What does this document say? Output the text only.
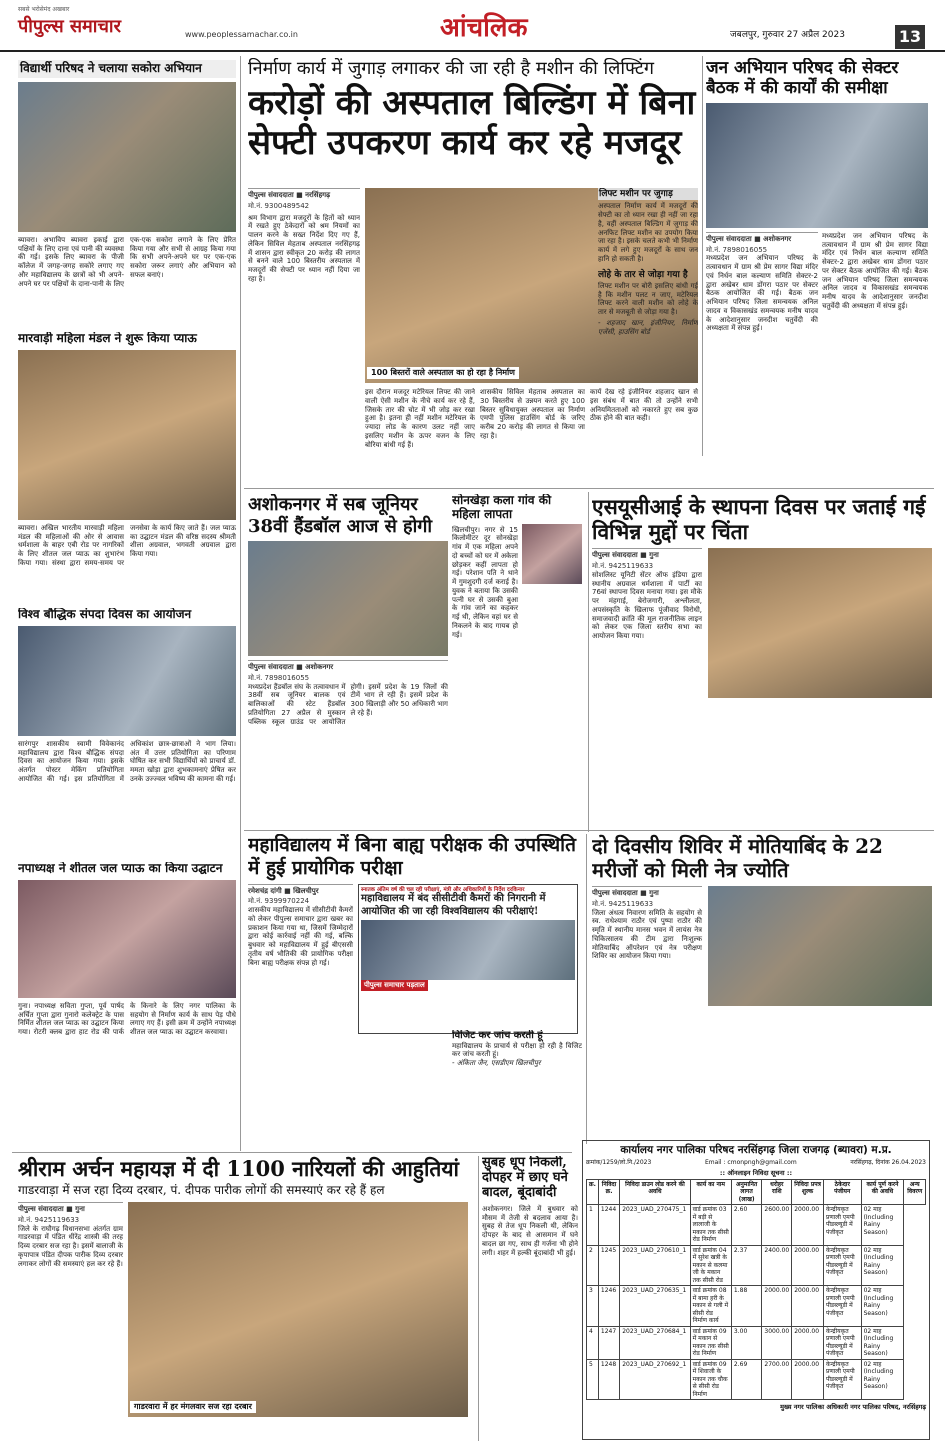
सबसे भरोसेमंद अखबार
पीपुल्स समाचार	www.peoplessamachar.co.in	आंचलिक	जबलपुर, गुरुवार 27 अप्रैल 2023	13
विद्यार्थी परिषद ने चलाया सकोरा अभियान
ब्यावरा। अभाविप ब्यावरा इकाई द्वारा पक्षियों के लिए दाना एवं पानी की व्यवस्था की गई। इसके लिए ब्यावरा के पीजी कॉलेज में जगह-जगह सकोरे लगाए गए और महाविद्यालय के छात्रों को भी अपने-अपने घर पर पक्षियों के दाना-पानी के लिए एक-एक सकोरा लगाने के लिए प्रेरित किया गया और सभी से आग्रह किया गया कि सभी अपने-अपने घर पर एक-एक सकोरा जरूर लगाएं और अभियान को सफल बनाएं।
मारवाड़ी महिला मंडल ने शुरू किया प्याऊ
ब्यावरा। अखिल भारतीय मारवाड़ी महिला मंडल की महिलाओं की ओर से आवास धर्मशाला के बाहर एबी रोड पर नागरिकों के लिए शीतल जल प्याऊ का शुभारंभ किया गया। संस्था द्वारा समय-समय पर जनसेवा के कार्य किए जाते हैं। जल प्याऊ का उद्घाटन मंडल की वरिष्ठ सदस्य श्रीमती शीला अग्रवाल, भगवती अग्रवाल द्वारा किया गया।
विश्व बौद्धिक संपदा दिवस का आयोजन
सारंगपुर शासकीय स्वामी विवेकानंद महाविद्यालय द्वारा विश्व बौद्धिक संपदा दिवस का आयोजन किया गया। इसके अंतर्गत पोस्टर मेकिंग प्रतियोगिता आयोजित की गई। इस प्रतियोगिता में अधिकांश छात्र-छात्राओं ने भाग लिया। अंत में उत्तर प्रतियोगिता का परिणाम घोषित कर सभी विद्यार्थियों को प्राचार्य डॉ. ममता खोड़ा द्वारा शुभकामनाएं प्रेषित कर उनके उज्ज्वल भविष्य की कामना की गई।
नपाध्यक्ष ने शीतल जल प्याऊ का किया उद्घाटन
गुना। नपाध्यक्ष सविता गुप्ता, पूर्व पार्षद अर्चित गुप्ता द्वारा गुनारो कलेक्ट्रेट के पास निर्मित शीतल जल प्याऊ का उद्घाटन किया गया। रोटरी क्लब द्वारा हाट रोड की पार्क के किनारे के लिए नगर पालिका के सहयोग से निर्माण कार्य के साथ पेड़ पौधे लगाए गए हैं। इसी क्रम में उन्होंने नपाध्यक्ष शीतल जल प्याऊ का उद्घाटन करवाया।
निर्माण कार्य में जुगाड़ लगाकर की जा रही है मशीन की लिफ्टिंग
करोड़ों की अस्पताल बिल्डिंग में बिना सेफ्टी उपकरण कार्य कर रहे मजदूर
पीपुल्स संवाददाता ■ नरसिंहगढ़
मो.नं. 9300489542
श्रम विभाग द्वारा मजदूरों के हितों को ध्यान में रखते हुए ठेकेदारों को श्रम नियमों का पालन करने के सख्त निर्देश दिए गए हैं, लेकिन सिविल मेहताब अस्पताल नरसिंहगढ़ में शासन द्वारा स्वीकृत 20 करोड़ की लागत से बनने वाले 100 बिस्तरीय अस्पताल में मजदूरों की सेफ्टी पर ध्यान नहीं दिया जा रहा है।
100 बिस्तरों वाले अस्पताल का हो रहा है निर्माण
इस दौरान मजदूर मटेरियल लिफ्ट की जाने वाली ऐसी मशीन के नीचे कार्य कर रहे हैं, जिसके तार की चोट में भी जोड़ कर रखा हुआ है। इतना ही नहीं मशीन मटेरियल के ज्यादा लोड के कारण उलट नहीं जाए इसलिए मशीन के ऊपर वजन के लिए बोरिया बांधी गई हैं।
शासकीय सिविल मेहताब अस्पताल का 30 बिस्तरीय से उन्नयन करते हुए 100 बिस्तर सुविधायुक्त अस्पताल का निर्माण एमपी पुलिस हाउसिंग बोर्ड के जरिए करीब 20 करोड़ की लागत से किया जा रहा है।
कार्य देख रहे इंजीनियर शहजाद खान से इस संबंध में बात की तो उन्होंने सभी अनियमितताओं को नकारते हुए सब कुछ ठीक होने की बात कही।
लिफ्ट मशीन पर जुगाड़
अस्पताल निर्माण कार्य में मजदूरों की सेफ्टी का तो ध्यान रखा ही नहीं जा रहा है, वहीं अस्पताल बिल्डिंग में जुगाड़ की अनफिट लिफ्ट मशीन का उपयोग किया जा रहा है। इसके चलते कभी भी निर्माण कार्य में लगे हुए मजदूरों के साथ जन हानि हो सकती है।
लोहे के तार से जोड़ा गया है
लिफ्ट मशीन पर बोरी इसलिए बांधी गई है कि मशीन पलट न जाए, मटेरियल लिफ्ट करने वाली मशीन को लोहे के तार से मजबूती से जोड़ा गया है।
- शहजाद खान, इंजीनियर, निर्माण एजेंसी, हाउसिंग बोर्ड
जन अभियान परिषद की सेक्टर बैठक में की कार्यों की समीक्षा
पीपुल्स संवाददाता ■ अशोकनगर
मो.नं. 7898016055
मध्यप्रदेश जन अभियान परिषद के तत्वावधान में ग्राम श्री प्रेम सागर विद्या मंदिर एवं निर्धन बाल कल्याण समिति सेक्टर-2 द्वारा अखेबर धाम डोंगरा पठार पर सेक्टर बैठक आयोजित की गई। बैठक जन अभियान परिषद जिला समन्वयक अनिल जादव व विकासखंड समन्वयक मनीष यादव के आदेशानुसार जनदीश चतुर्वेदी की अध्यक्षता में संपन्न हुई।
मध्यप्रदेश जन अभियान परिषद के तत्वावधान में ग्राम श्री प्रेम सागर विद्या मंदिर एवं निर्धन बाल कल्याण समिति सेक्टर-2 द्वारा अखेबर धाम डोंगरा पठार पर सेक्टर बैठक आयोजित की गई। बैठक जन अभियान परिषद जिला समन्वयक अनिल जादव व विकासखंड समन्वयक मनीष यादव के आदेशानुसार जनदीश चतुर्वेदी की अध्यक्षता में संपन्न हुई।
अशोकनगर में सब जूनियर 38वीं हैंडबॉल आज से होगी
पीपुल्स संवाददाता ■ अशोकनगर
मो.नं. 7898016055
मध्यप्रदेश हैंडबॉल संघ के तत्वावधान में 38वीं सब जूनियर बालक एवं बालिकाओं की स्टेट हैंडबॉल प्रतियोगिता 27 अप्रैल से मुस्कान पब्लिक स्कूल ग्राउंड पर आयोजित होगी। इसमें प्रदेश के 19 जिलों की टीमें भाग ले रही हैं। इसमें प्रदेश के 300 खिलाड़ी और 50 अधिकारी भाग ले रहे हैं।
सोनखेड़ा कला गांव की महिला लापता
खिलचीपुर। नगर से 15 किलोमीटर दूर सोनखेड़ा गांव में एक महिला अपने दो बच्चों को घर में अकेला छोड़कर कहीं लापता हो गई। परेशान पति ने थाने में गुमशुदगी दर्ज कराई है। युवक ने बताया कि उसकी पत्नी घर से उसकी बुआ के गांव जाने का कहकर गई थी, लेकिन वहां घर से निकलने के बाद गायब हो गई।
एसयूसीआई के स्थापना दिवस पर जताई गई विभिन्न मुद्दों पर चिंता
पीपुल्स संवाददाता ■ गुना
मो.नं. 9425119633
सोशलिस्ट यूनिटी सेंटर ऑफ इंडिया द्वारा स्थानीय अग्रवाल धर्मशाला में पार्टी का 76वां स्थापना दिवस मनाया गया। इस मौके पर मंहगाई, बेरोजगारी, अश्लीलता, अपसंस्कृति के खिलाफ पूंजीवाद विरोधी, समाजवादी क्रांति की मूल राजनीतिक लाइन को लेकर एक जिला स्तरीय सभा का आयोजन किया गया।
महाविद्यालय में बिना बाह्य परीक्षक की उपस्थिति में हुई प्रायोगिक परीक्षा
रमेशचंद्र दांगी ■ खिलचीपुर
मो.नं. 9399970224
शासकीय महाविद्यालय में सीसीटीवी कैमरों को लेकर पीपुल्स समाचार द्वारा खबर का प्रकाशन किया गया था, जिसमें जिम्मेदारों द्वारा कोई कार्रवाई नहीं की गई, बल्कि बुधवार को महाविद्यालय में हुई बीएससी तृतीय वर्ष भौतिकी की प्रायोगिक परीक्षा बिना बाह्य परीक्षक संपन्न हो गई।
स्नातक अंतिम वर्ष की चल रही परीक्षाएं, मंत्री और अधिकारियों के निर्देश दरकिनार
महाविद्यालय में बंद सीसीटीवी कैमरों की निगरानी में आयोजित की जा रही विश्वविद्यालय की परीक्षाएं!
पीपुल्स समाचार पड़ताल
विजिट कर जांच करती हूं
महाविद्यालय के प्राचार्य से परीक्षा हो रही है विजिट कर जांच करती हूं।
- अंकिता जैन, एसडीएम खिलचीपुर
दो दिवसीय शिविर में मोतियाबिंद के 22 मरीजों को मिली नेत्र ज्योति
पीपुल्स संवाददाता ■ गुना
मो.नं. 9425119633
जिला अंधत्व निवारण समिति के सहयोग से स्व. राधेश्याम राठौर एवं पुष्पा राठौर की स्मृति में स्थानीय मानस भवन में लायंस नेत्र चिकित्सालय की टीम द्वारा निःशुल्क मोतियाबिंद ऑपरेशन एवं नेत्र परीक्षण शिविर का आयोजन किया गया।
श्रीराम अर्चन महायज्ञ में दी 1100 नारियलों की आहुतियां
गाडरवाड़ा में सज रहा दिव्य दरबार, पं. दीपक पारीक लोगों की समस्याएं कर रहे हैं हल
पीपुल्स संवाददाता ■ गुना
मो.नं. 9425119633
जिले के राघौगढ़ विधानसभा अंतर्गत ग्राम गाडरवाड़ा में पंडित धीरेंद्र शास्त्री की तरह दिव्य दरबार सज रहा है। इसमें बालाजी के कृपापात्र पंडित दीपक पारीक दिव्य दरबार लगाकर लोगों की समस्याएं हल कर रहे हैं।
गाडरवारा में हर मंगलवार सज रहा दरबार
सुबह धूप निकली, दोपहर में छाए घने बादल, बूंदाबांदी
अशोकनगर। जिले में बुधवार को मौसम में तेजी से बदलाव आया है। सुबह से तेज धूप निकली थी, लेकिन दोपहर के बाद से आसमान में घने बादल छा गए, साथ ही गर्जना भी होने लगी। शहर में हल्की बूंदाबांदी भी हुई।
कार्यालय नगर पालिका परिषद नरसिंहगढ़ जिला राजगढ़ (ब्यावरा) म.प्र.
क्रमांक/1259/लो.नि./2023	Email : cmonpngh@gmail.com	नरसिंहगढ़, दिनांक 26.04.2023
:: ऑनलाइन निविदा सूचना ::
क्र.	निविदा क्र.	निविदा डाउन लोड करने की अवधि	कार्य का नाम	अनुमानित लागत (लाख)	धरोहर राशि	निविदा प्रपत्र शुल्क	ठेकेदार पंजीयन	कार्य पूर्ण करने की अवधि	अन्य विवरण
1	1244	2023_UAD_270475_1	वार्ड क्रमांक 03 में बड़ी से लालाजी के मकान तक सीसी रोड निर्माण	2.60	2600.00	2000.00	केन्द्रीयकृत प्रणाली एमपी पीडब्ल्यूडी में पंजीकृत	02 माह (Including Rainy Season)	
2	1245	2023_UAD_270610_1	वार्ड क्रमांक 04 में सुरेश खत्री के मकान से कलमा जी के मकान तक सीसी रोड	2.37	2400.00	2000.00	केन्द्रीयकृत प्रणाली एमपी पीडब्ल्यूडी में पंजीकृत	02 माह (Including Rainy Season)	
3	1246	2023_UAD_270635_1	वार्ड क्रमांक 08 में बामा हरी के मकान से गली में सीसी रोड निर्माण कार्य	1.88	2000.00	2000.00	केन्द्रीयकृत प्रणाली एमपी पीडब्ल्यूडी में पंजीकृत	02 माह (Including Rainy Season)	
4	1247	2023_UAD_270684_1	वार्ड क्रमांक 09 में मकान से मकान तक सीसी रोड निर्माण	3.00	3000.00	2000.00	केन्द्रीयकृत प्रणाली एमपी पीडब्ल्यूडी में पंजीकृत	02 माह (Including Rainy Season)	
5	1248	2023_UAD_270692_1	वार्ड क्रमांक 09 में शिवाजी के मकान तक चौक से सीसी रोड निर्माण	2.69	2700.00	2000.00	केन्द्रीयकृत प्रणाली एमपी पीडब्ल्यूडी में पंजीकृत	02 माह (Including Rainy Season)	
मुख्य नगर पालिका अधिकारी नगर पालिका परिषद, नरसिंहगढ़
